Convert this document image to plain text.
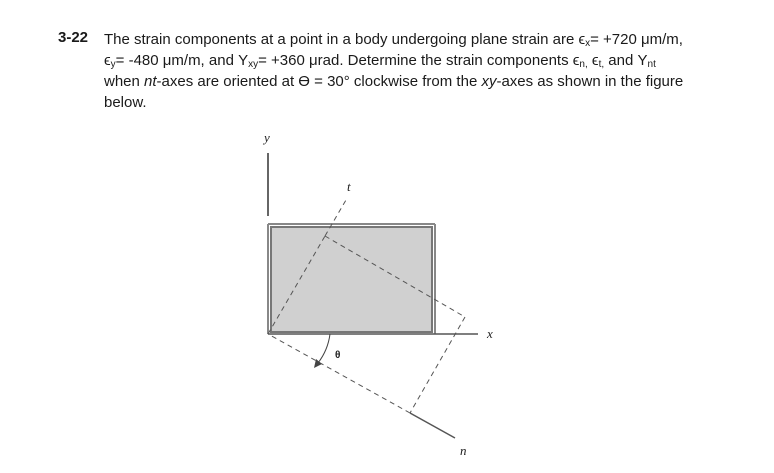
3-22 The strain components at a point in a body undergoing plane strain are $\epsilon_x= +720$ μm/m,
$\epsilon_y= -480$ μm/m, and $\Upsilon_{xy}= +360$ μrad. Determine the strain components $\epsilon_{n,}$ $\epsilon_{t,}$ and $\Upsilon_{nt}$
when nt-axes are oriented at ϴ = 30° clockwise from the xy-axes as shown in the figure
below.
y
x
t
n
θ
